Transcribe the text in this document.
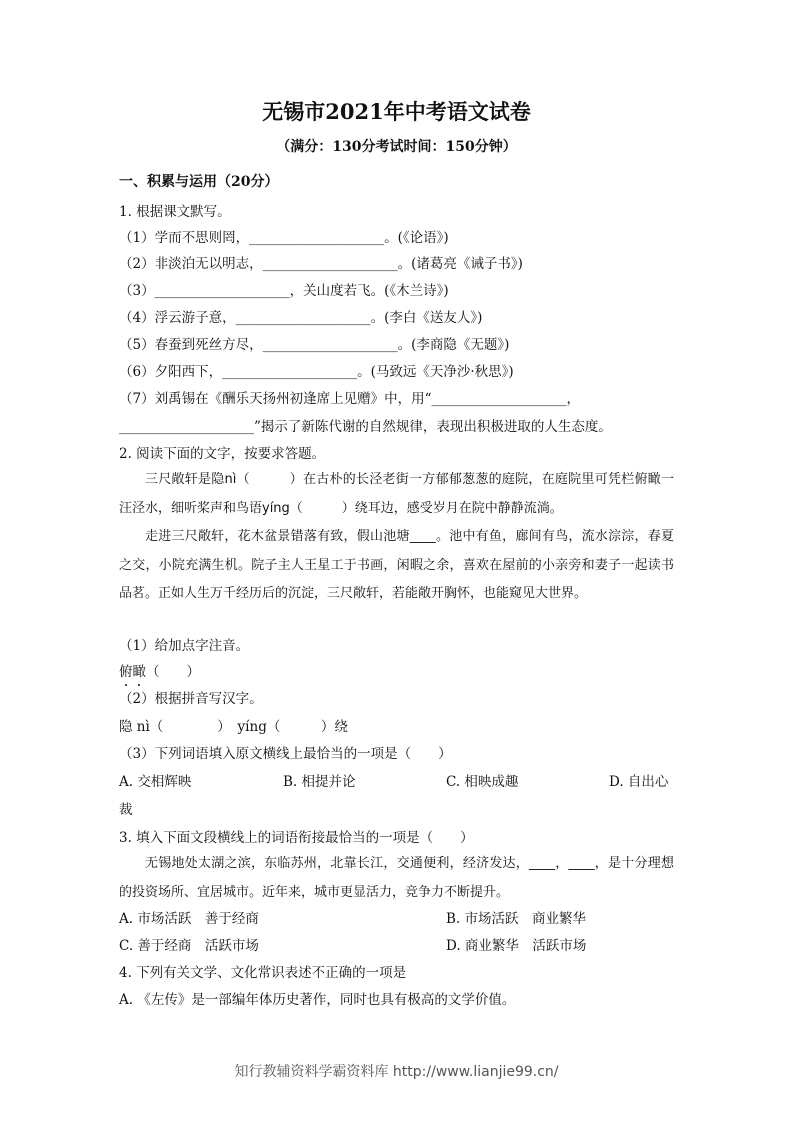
无锡市2021年中考语文试卷
（满分：130分考试时间：150分钟）
一、积累与运用（20分）
1. 根据课文默写。
（1）学而不思则罔，____________________。(《论语》)
（2）非淡泊无以明志，____________________。(诸葛亮《诫子书》)
（3）____________________，关山度若飞。(《木兰诗》)
（4）浮云游子意，____________________。(李白《送友人》)
（5）春蚕到死丝方尽，____________________。(李商隐《无题》)
（6）夕阳西下，____________________。(马致远《天净沙·秋思》)
（7）刘禹锡在《酬乐天扬州初逢席上见赠》中，用“____________________，
____________________”揭示了新陈代谢的自然规律，表现出积极进取的人生态度。
2. 阅读下面的文字，按要求答题。

三尺敞轩是隐nì（　　　）在古朴的长泾老街一方郁郁葱葱的庭院，在庭院里可凭栏俯瞰一汪泾水，细听桨声和鸟语yíng（　　　）绕耳边，感受岁月在院中静静流淌。

走进三尺敞轩，花木盆景错落有致，假山池塘____。池中有鱼，廊间有鸟，流水淙淙，春夏之交，小院充满生机。院子主人王星工于书画，闲暇之余，喜欢在屋前的小亲旁和妻子一起读书品茗。正如人生万千经历后的沉淀，三尺敞轩，若能敞开胸怀，也能窥见大世界。

（1）给加点字注音。
俯瞰（　　）
（2）根据拼音写汉字。
隐 nì（　　　　）　yíng（　　　）绕
（3）下列词语填入原文横线上最恰当的一项是（　　）
A. 交相辉映	B. 相提并论	C. 相映成趣	D. 自出心
裁
3. 填入下面文段横线上的词语衔接最恰当的一项是（　　）

无锡地处太湖之滨，东临苏州，北靠长江，交通便利，经济发达，____，____，是十分理想的投资场所、宜居城市。近年来，城市更显活力，竞争力不断提升。

A. 市场活跃　善于经商	B. 市场活跃　商业繁华
C. 善于经商　活跃市场	D. 商业繁华　活跃市场
4. 下列有关文学、文化常识表述不正确的一项是
A. 《左传》是一部编年体历史著作，同时也具有极高的文学价值。
知行教辅资料学霸资料库 http://www.lianjie99.cn/
